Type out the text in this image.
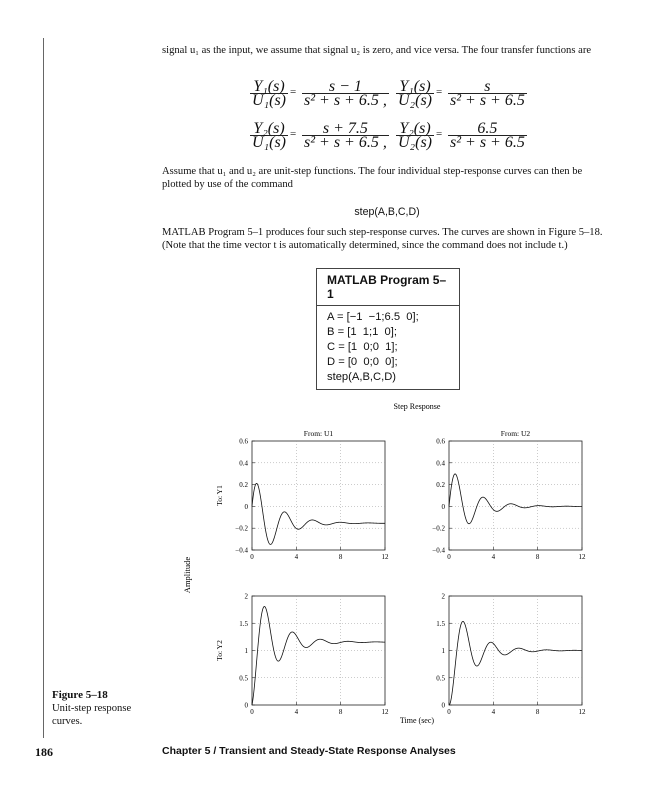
signal u₁ as the input, we assume that signal u₂ is zero, and vice versa. The four transfer functions are
$\frac{\text{Y₁(s)}}{\text{U₁(s)}} = \frac{s - 1}{\text{s² + s + 6.5 ,}} \frac{\text{Y₁(s)}}{\text{U₂(s)}} = \frac{s}{\text{s² + s + 6.5}}$
$\frac{\text{Y₂(s)}}{\text{U₁(s)}} = \frac{s + 7.5}{\text{s² + s + 6.5 ,}} \frac{\text{Y₂(s)}}{\text{U₂(s)}} = \frac{6.5}{\text{s² + s + 6.5}}$
Assume that u₁ and u₂ are unit-step functions. The four individual step-response curves can then be plotted by use of the command
step(A,B,C,D)
MATLAB Program 5–1 produces four such step-response curves. The curves are shown in Figure 5–18. (Note that the time vector t is automatically determined, since the command does not include t.)
MATLAB Program 5–1
A = [−1  −1;6.5  0];
B = [1  1;1  0];
C = [1  0;0  1];
D = [0  0;0  0];
step(A,B,C,D)
Step Response
Time (sec)
Amplitude
0.6
0.4
0.2
0
−0.2
−0.4
0	4	8	12
From: U1
To: Y1
0.6
0.4
0.2
0
−0.2
−0.4
0	4	8	12
From: U2
2
1.5
1
0.5
0
0	4	8	12
To: Y2
2
1.5
1
0.5
0
0	4	8	12
Figure 5–18
Unit-step response curves.
186	Chapter 5 / Transient and Steady-State Response Analyses
